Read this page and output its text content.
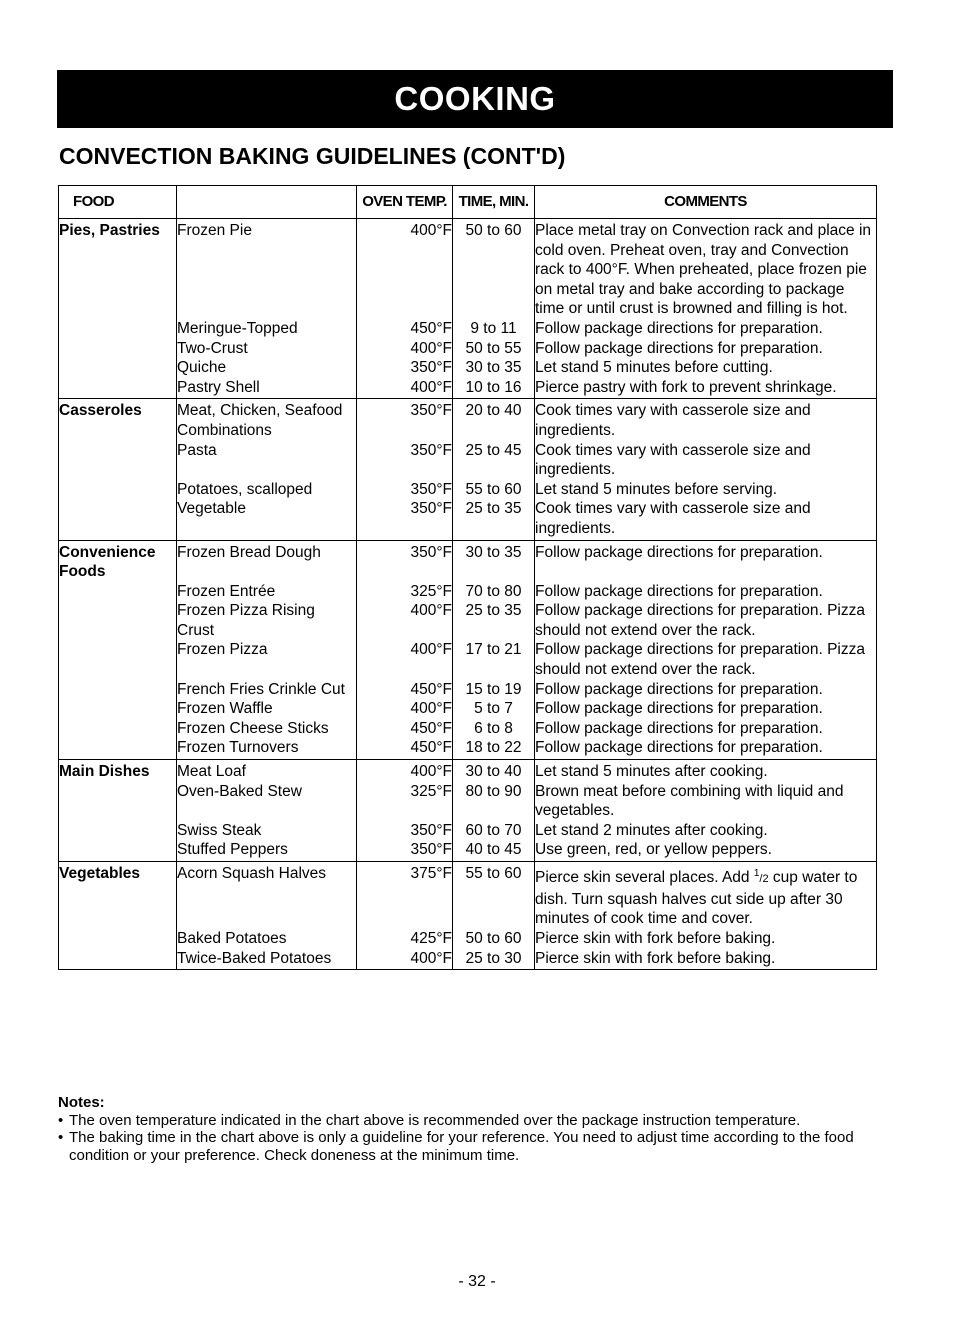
COOKING
CONVECTION BAKING GUIDELINES (CONT'D)
FOOD		OVEN TEMP.	TIME, MIN.	COMMENTS
Pies, Pastries	Frozen Pie	400°F	50 to 60	Place metal tray on Convection rack and place in cold oven. Preheat oven, tray and Convection rack to 400°F. When preheated, place frozen pie on metal tray and bake according to package time or until crust is browned and filling is hot.
	Meringue-Topped	450°F	9 to 11	Follow package directions for preparation.
	Two-Crust	400°F	50 to 55	Follow package directions for preparation.
	Quiche	350°F	30 to 35	Let stand 5 minutes before cutting.
	Pastry Shell	400°F	10 to 16	Pierce pastry with fork to prevent shrinkage.
Casseroles	Meat, Chicken, Seafood Combinations	350°F	20 to 40	Cook times vary with casserole size and ingredients.
	Pasta	350°F	25 to 45	Cook times vary with casserole size and ingredients.
	Potatoes, scalloped	350°F	55 to 60	Let stand 5 minutes before serving.
	Vegetable	350°F	25 to 35	Cook times vary with casserole size and ingredients.
Convenience Foods	Frozen Bread Dough	350°F	30 to 35	Follow package directions for preparation.
	Frozen Entrée	325°F	70 to 80	Follow package directions for preparation.
	Frozen Pizza Rising Crust	400°F	25 to 35	Follow package directions for preparation. Pizza should not extend over the rack.
	Frozen Pizza	400°F	17 to 21	Follow package directions for preparation. Pizza should not extend over the rack.
	French Fries Crinkle Cut	450°F	15 to 19	Follow package directions for preparation.
	Frozen Waffle	400°F	5 to 7	Follow package directions for preparation.
	Frozen Cheese Sticks	450°F	6 to 8	Follow package directions for preparation.
	Frozen Turnovers	450°F	18 to 22	Follow package directions for preparation.
Main Dishes	Meat Loaf	400°F	30 to 40	Let stand 5 minutes after cooking.
	Oven-Baked Stew	325°F	80 to 90	Brown meat before combining with liquid and vegetables.
	Swiss Steak	350°F	60 to 70	Let stand 2 minutes after cooking.
	Stuffed Peppers	350°F	40 to 45	Use green, red, or yellow peppers.
Vegetables	Acorn Squash Halves	375°F	55 to 60	Pierce skin several places. Add $^1$/2 cup water to dish. Turn squash halves cut side up after 30 minutes of cook time and cover.
	Baked Potatoes	425°F	50 to 60	Pierce skin with fork before baking.
	Twice-Baked Potatoes	400°F	25 to 30	Pierce skin with fork before baking.
Notes:
• The oven temperature indicated in the chart above is recommended over the package instruction temperature.
• The baking time in the chart above is only a guideline for your reference. You need to adjust time according to the food condition or your preference. Check doneness at the minimum time.
- 32 -
